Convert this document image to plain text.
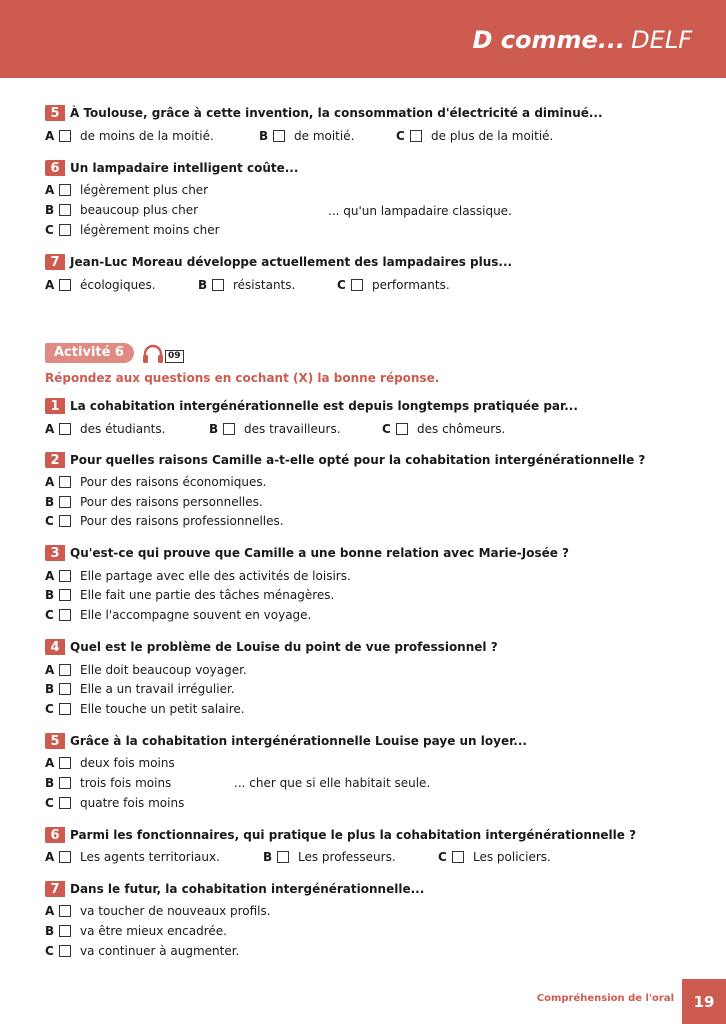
D comme... DELF
5 À Toulouse, grâce à cette invention, la consommation d'électricité a diminué...
A	de moins de la moitié.	B	de moitié.	C	de plus de la moitié.
6 Un lampadaire intelligent coûte...
A	légèrement plus cher
B	beaucoup plus cher
C	légèrement moins cher
... qu'un lampadaire classique.
7 Jean-Luc Moreau développe actuellement des lampadaires plus...
A	écologiques.	B	résistants.	C	performants.
Activité 6	09
Répondez aux questions en cochant (X) la bonne réponse.
1 La cohabitation intergénérationnelle est depuis longtemps pratiquée par...
A	des étudiants.	B	des travailleurs.	C	des chômeurs.
2 Pour quelles raisons Camille a-t-elle opté pour la cohabitation intergénérationnelle ?
A	Pour des raisons économiques.
B	Pour des raisons personnelles.
C	Pour des raisons professionnelles.
3 Qu'est-ce qui prouve que Camille a une bonne relation avec Marie-Josée ?
A	Elle partage avec elle des activités de loisirs.
B	Elle fait une partie des tâches ménagères.
C	Elle l'accompagne souvent en voyage.
4 Quel est le problème de Louise du point de vue professionnel ?
A	Elle doit beaucoup voyager.
B	Elle a un travail irrégulier.
C	Elle touche un petit salaire.
5 Grâce à la cohabitation intergénérationnelle Louise paye un loyer...
A	deux fois moins
B	trois fois moins
C	quatre fois moins
... cher que si elle habitait seule.
6 Parmi les fonctionnaires, qui pratique le plus la cohabitation intergénérationnelle ?
A	Les agents territoriaux.	B	Les professeurs.	C	Les policiers.
7 Dans le futur, la cohabitation intergénérationnelle...
A	va toucher de nouveaux profils.
B	va être mieux encadrée.
C	va continuer à augmenter.
Compréhension de l'oral	19
